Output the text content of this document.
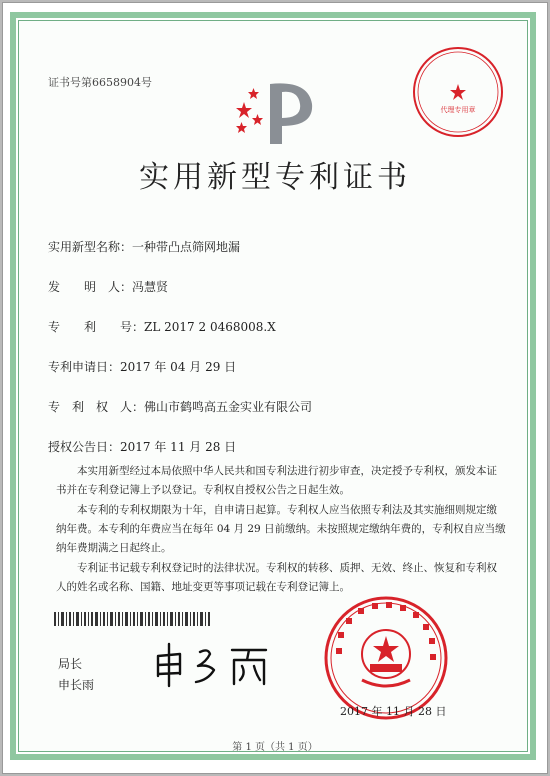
证书号第6658904号
代理专用章
实用新型专利证书
实用新型名称：一种带凸点筛网地漏
发　　明　人：冯慧贤
专　　利　　号：ZL 2017 2 0468008.X
专利申请日：2017 年 04 月 29 日
专　利　权　人：佛山市鹤鸣高五金实业有限公司
授权公告日：2017 年 11 月 28 日
本实用新型经过本局依照中华人民共和国专利法进行初步审查，决定授予专利权，颁发本证书并在专利登记簿上予以登记。专利权自授权公告之日起生效。
本专利的专利权期限为十年，自申请日起算。专利权人应当依照专利法及其实施细则规定缴纳年费。本专利的年费应当在每年 04 月 29 日前缴纳。未按照规定缴纳年费的，专利权自应当缴纳年费期满之日起终止。
专利证书记载专利权登记时的法律状况。专利权的转移、质押、无效、终止、恢复和专利权人的姓名或名称、国籍、地址变更等事项记载在专利登记簿上。
局长
申长雨
2017 年 11 月 28 日
第 1 页（共 1 页）
